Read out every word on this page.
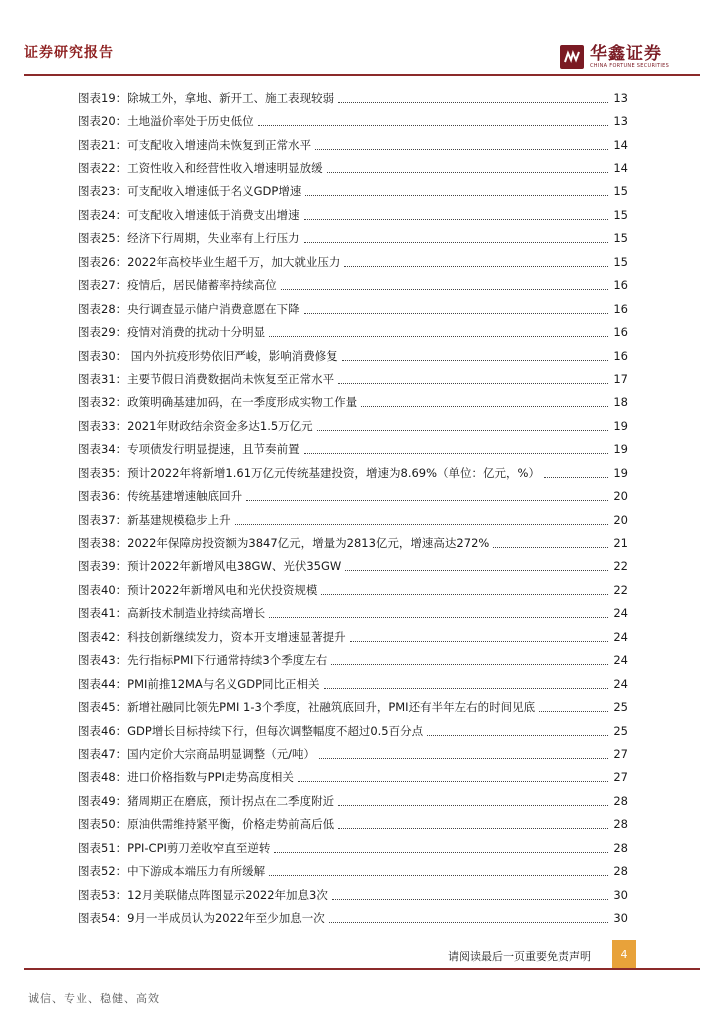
证券研究报告	华鑫证券
CHINA FORTUNE SECURITIES
图表19：除城工外，拿地、新开工、施工表现较弱	13
图表20：土地溢价率处于历史低位	13
图表21：可支配收入增速尚未恢复到正常水平	14
图表22：工资性收入和经营性收入增速明显放缓	14
图表23：可支配收入增速低于名义GDP增速	15
图表24：可支配收入增速低于消费支出增速	15
图表25：经济下行周期，失业率有上行压力	15
图表26：2022年高校毕业生超千万，加大就业压力	15
图表27：疫情后，居民储蓄率持续高位	16
图表28：央行调查显示储户消费意愿在下降	16
图表29：疫情对消费的扰动十分明显	16
图表30： 国内外抗疫形势依旧严峻，影响消费修复	16
图表31：主要节假日消费数据尚未恢复至正常水平	17
图表32：政策明确基建加码，在一季度形成实物工作量	18
图表33：2021年财政结余资金多达1.5万亿元	19
图表34：专项债发行明显提速，且节奏前置	19
图表35：预计2022年将新增1.61万亿元传统基建投资，增速为8.69%（单位：亿元，%）	19
图表36：传统基建增速触底回升	20
图表37：新基建规模稳步上升	20
图表38：2022年保障房投资额为3847亿元，增量为2813亿元，增速高达272%	21
图表39：预计2022年新增风电38GW、光伏35GW	22
图表40：预计2022年新增风电和光伏投资规模	22
图表41：高新技术制造业持续高增长	24
图表42：科技创新继续发力，资本开支增速显著提升	24
图表43：先行指标PMI下行通常持续3个季度左右	24
图表44：PMI前推12MA与名义GDP同比正相关	24
图表45：新增社融同比领先PMI 1-3个季度，社融筑底回升，PMI还有半年左右的时间见底	25
图表46：GDP增长目标持续下行，但每次调整幅度不超过0.5百分点	25
图表47：国内定价大宗商品明显调整（元/吨）	27
图表48：进口价格指数与PPI走势高度相关	27
图表49：猪周期正在磨底，预计拐点在二季度附近	28
图表50：原油供需维持紧平衡，价格走势前高后低	28
图表51：PPI-CPI剪刀差收窄直至逆转	28
图表52：中下游成本端压力有所缓解	28
图表53：12月美联储点阵图显示2022年加息3次	30
图表54：9月一半成员认为2022年至少加息一次	30
请阅读最后一页重要免责声明	4
诚信、专业、稳健、高效
